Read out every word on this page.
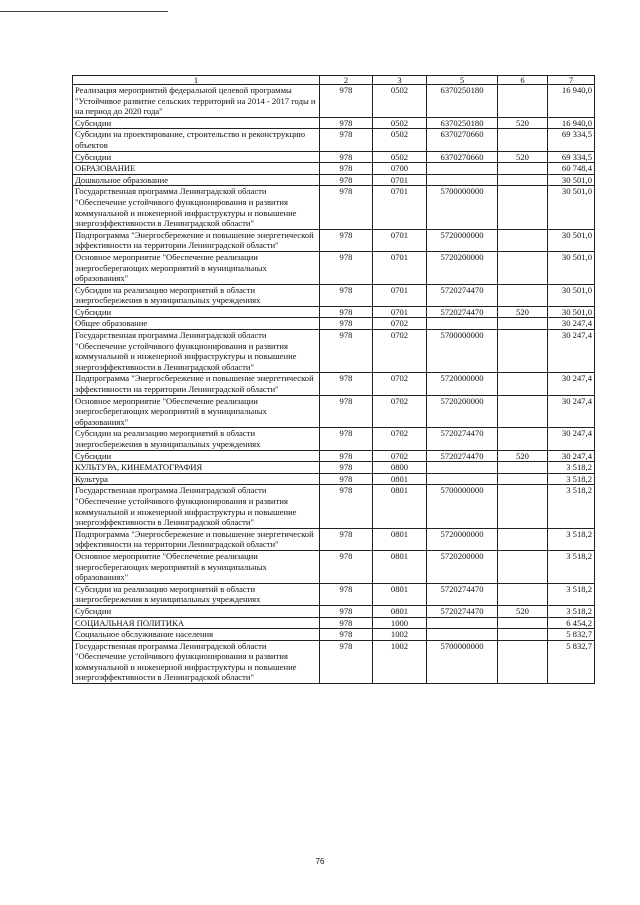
1	2	3	5	6	7
Реализация мероприятий федеральной целевой программы "Устойчивое развитие сельских территорий на 2014 - 2017 годы и на период до 2020 года"	978	0502	6370250180		16 940,0
Субсидии	978	0502	6370250180	520	16 940,0
Субсидии на проектирование, строительство и реконструкцию объектов	978	0502	6370270660		69 334,5
Субсидии	978	0502	6370270660	520	69 334,5
ОБРАЗОВАНИЕ	978	0700			60 748,4
Дошкольное образование	978	0701			30 501,0
Государственная программа Ленинградской области "Обеспечение устойчивого функционирования и развития коммунальной и инженерной инфраструктуры и повышение энергоэффективности в Ленинградской области"	978	0701	5700000000		30 501,0
Подпрограмма "Энергосбережение и повышение энергетической эффективности на территории Ленинградской области"	978	0701	5720000000		30 501,0
Основное мероприятие "Обеспечение реализации энергосберегающих мероприятий в муниципальных образованиях"	978	0701	5720200000		30 501,0
Субсидии на реализацию мероприятий в области энергосбережения в муниципальных учреждениях	978	0701	5720274470		30 501,0
Субсидии	978	0701	5720274470	520	30 501,0
Общее образование	978	0702			30 247,4
Государственная программа Ленинградской области "Обеспечение устойчивого функционирования и развития коммунальной и инженерной инфраструктуры и повышение энергоэффективности в Ленинградской области"	978	0702	5700000000		30 247,4
Подпрограмма "Энергосбережение и повышение энергетической эффективности на территории Ленинградской области"	978	0702	5720000000		30 247,4
Основное мероприятие "Обеспечение реализации энергосберегающих мероприятий в муниципальных образованиях"	978	0702	5720200000		30 247,4
Субсидии на реализацию мероприятий в области энергосбережения в муниципальных учреждениях	978	0702	5720274470		30 247,4
Субсидии	978	0702	5720274470	520	30 247,4
КУЛЬТУРА, КИНЕМАТОГРАФИЯ	978	0800			3 518,2
Культура	978	0801			3 518,2
Государственная программа Ленинградской области "Обеспечение устойчивого функционирования и развития коммунальной и инженерной инфраструктуры и повышение энергоэффективности в Ленинградской области"	978	0801	5700000000		3 518,2
Подпрограмма "Энергосбережение и повышение энергетической эффективности на территории Ленинградской области"	978	0801	5720000000		3 518,2
Основное мероприятие "Обеспечение реализации энергосберегающих мероприятий в муниципальных образованиях"	978	0801	5720200000		3 518,2
Субсидии на реализацию мероприятий в области энергосбережения в муниципальных учреждениях	978	0801	5720274470		3 518,2
Субсидии	978	0801	5720274470	520	3 518,2
СОЦИАЛЬНАЯ ПОЛИТИКА	978	1000			6 454,2
Социальное обслуживание населения	978	1002			5 832,7
Государственная программа Ленинградской области "Обеспечение устойчивого функционирования и развития коммунальной и инженерной инфраструктуры и повышение энергоэффективности в Ленинградской области"	978	1002	5700000000		5 832,7
76
